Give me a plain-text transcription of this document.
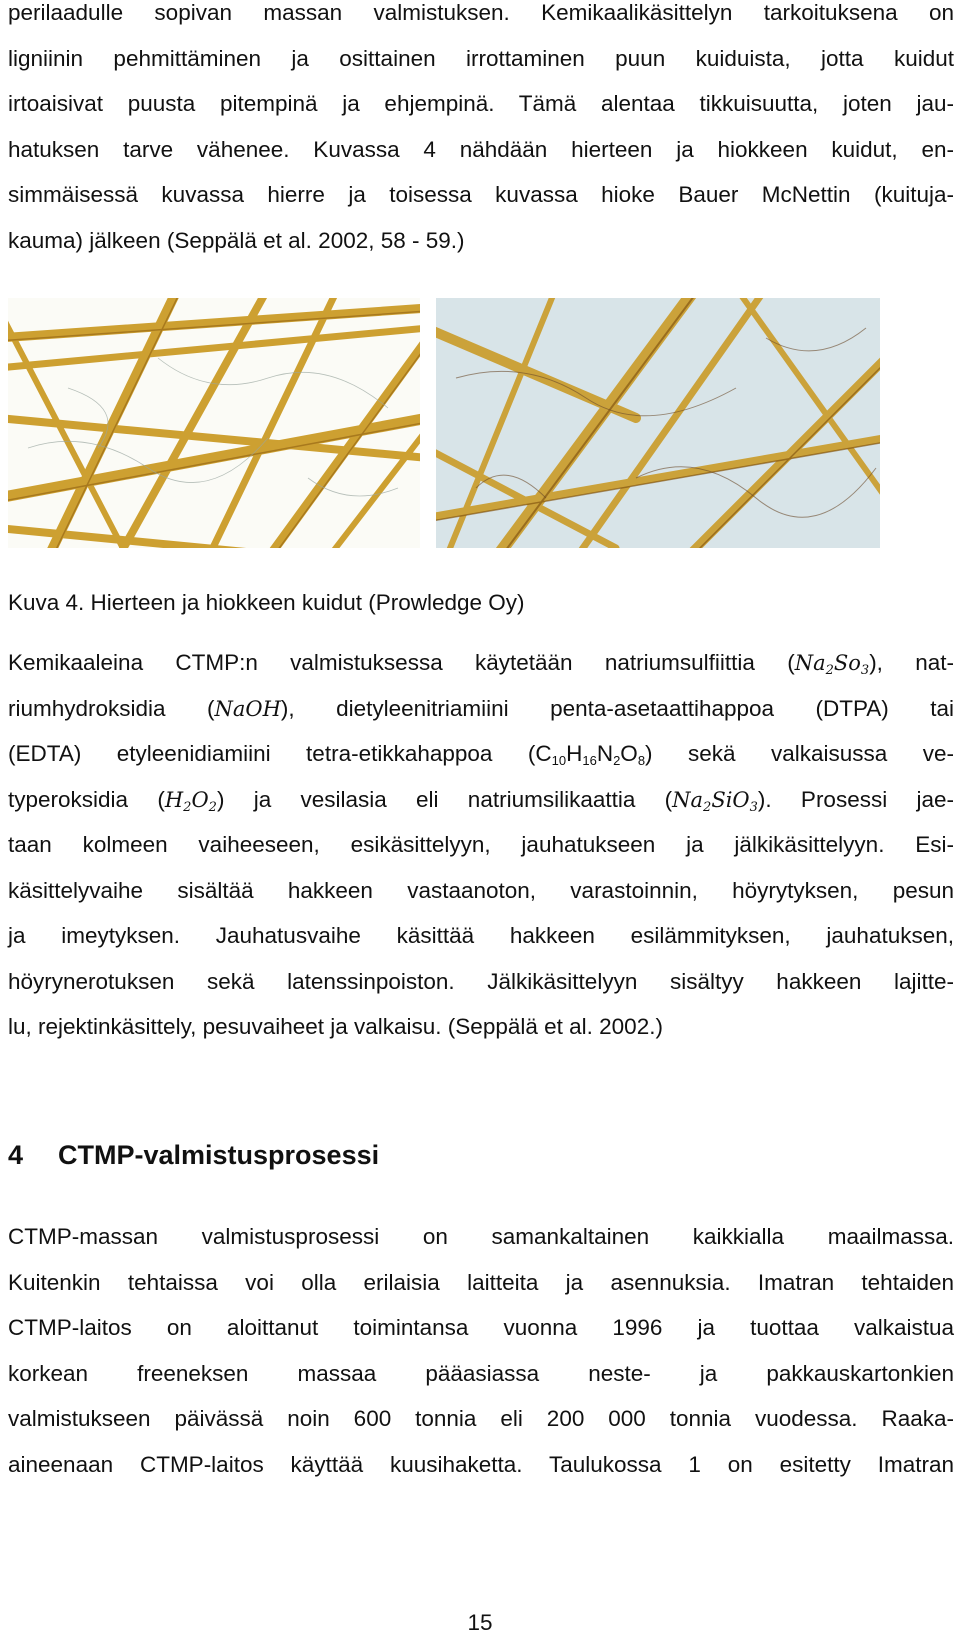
perilaadulle sopivan massan valmistuksen. Kemikaalikäsittelyn tarkoituksena on
ligniinin pehmittäminen ja osittainen irrottaminen puun kuiduista, jotta kuidut
irtoaisivat puusta pitempinä ja ehjempinä. Tämä alentaa tikkuisuutta, joten jau-
hatuksen tarve vähenee. Kuvassa 4 nähdään hierteen ja hiokkeen kuidut, en-
simmäisessä kuvassa hierre ja toisessa kuvassa hioke Bauer McNettin (kuituja-
kauma) jälkeen (Seppälä et al. 2002, 58 - 59.)

Kuva 4. Hierteen ja hiokkeen kuidut (Prowledge Oy)

Kemikaaleina CTMP:n valmistuksessa käytetään natriumsulfiittia $(Na_2So_3)$, nat-
riumhydroksidia (NaOH), dietyleenitriamiini penta-asetaattihappoa (DTPA) tai
(EDTA) etyleenidiamiini tetra-etikkahappoa $(C_{10}H_{16}N_2O_8)$ sekä valkaisussa ve-
typeroksidia $(H_2O_2)$ ja vesilasia eli natriumsilikaattia $(Na_2SiO_3)$. Prosessi jae-
taan kolmeen vaiheeseen, esikäsittelyyn, jauhatukseen ja jälkikäsittelyyn. Esi-
käsittelyvaihe sisältää hakkeen vastaanoton, varastoinnin, höyrytyksen, pesun
ja imeytyksen. Jauhatusvaihe käsittää hakkeen esilämmityksen, jauhatuksen,
höyrynerotuksen sekä latenssinpoiston. Jälkikäsittelyyn sisältyy hakkeen lajitte-
lu, rejektinkäsittely, pesuvaiheet ja valkaisu. (Seppälä et al. 2002.)
4 CTMP-valmistusprosessi
CTMP-massan valmistusprosessi on samankaltainen kaikkialla maailmassa.
Kuitenkin tehtaissa voi olla erilaisia laitteita ja asennuksia. Imatran tehtaiden
CTMP-laitos on aloittanut toimintansa vuonna 1996 ja tuottaa valkaistua
korkean freeneksen massaa pääasiassa neste- ja pakkauskartonkien
valmistukseen päivässä noin 600 tonnia eli 200 000 tonnia vuodessa. Raaka-
aineenaan CTMP-laitos käyttää kuusihaketta. Taulukossa 1 on esitetty Imatran
15
